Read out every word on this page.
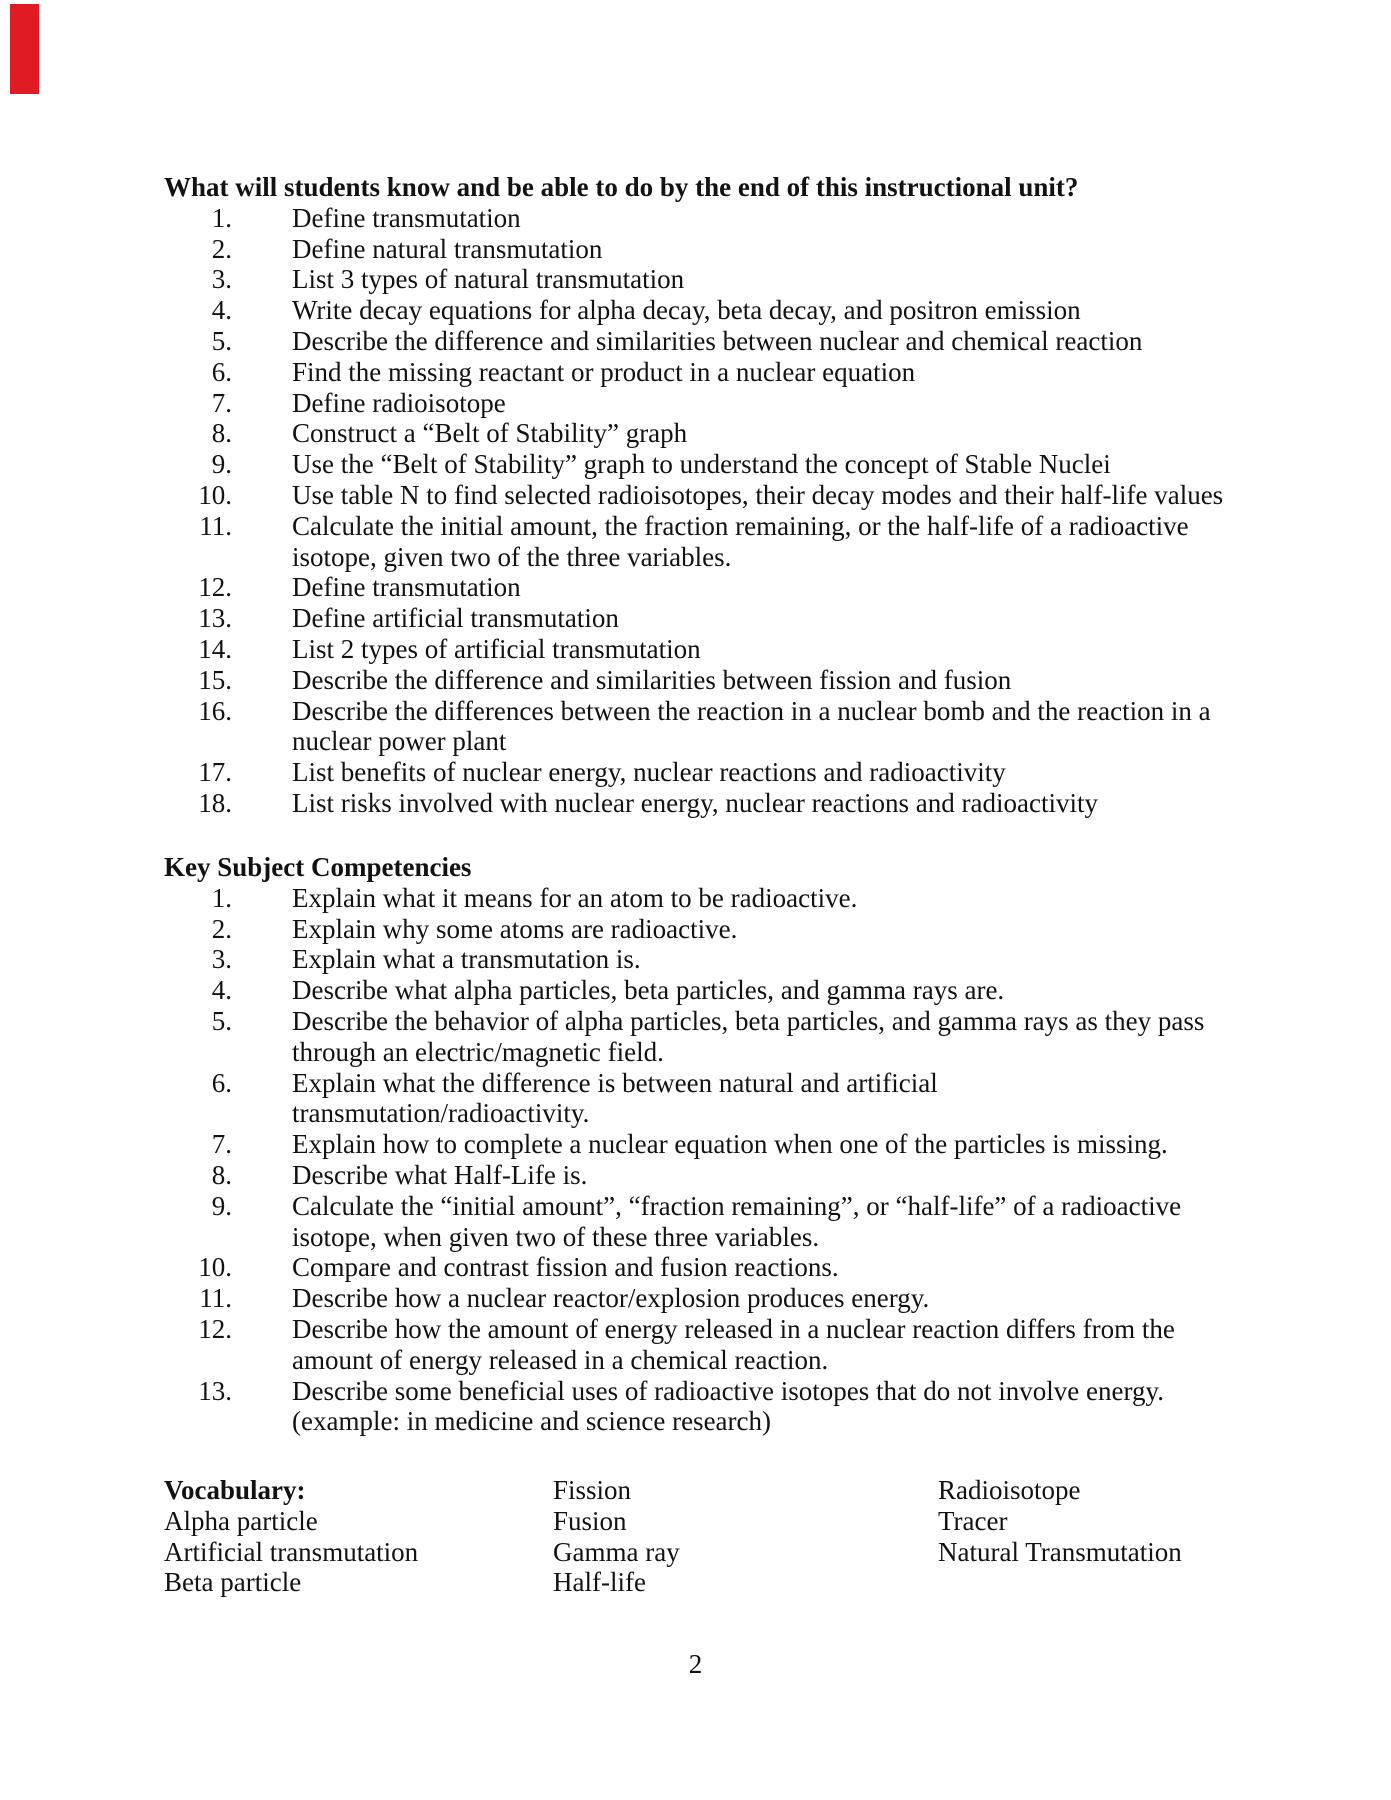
What will students know and be able to do by the end of this instructional unit?
1. Define transmutation
2. Define natural transmutation
3. List 3 types of natural transmutation
4. Write decay equations for alpha decay, beta decay, and positron emission
5. Describe the difference and similarities between nuclear and chemical reaction
6. Find the missing reactant or product in a nuclear equation
7. Define radioisotope
8. Construct a “Belt of Stability” graph
9. Use the “Belt of Stability” graph to understand the concept of Stable Nuclei
10. Use table N to find selected radioisotopes, their decay modes and their half-life values
11. Calculate the initial amount, the fraction remaining, or the half-life of a radioactive
isotope, given two of the three variables.
12. Define transmutation
13. Define artificial transmutation
14. List 2 types of artificial transmutation
15. Describe the difference and similarities between fission and fusion
16. Describe the differences between the reaction in a nuclear bomb and the reaction in a
nuclear power plant
17. List benefits of nuclear energy, nuclear reactions and radioactivity
18. List risks involved with nuclear energy, nuclear reactions and radioactivity
Key Subject Competencies
1. Explain what it means for an atom to be radioactive.
2. Explain why some atoms are radioactive.
3. Explain what a transmutation is.
4. Describe what alpha particles, beta particles, and gamma rays are.
5. Describe the behavior of alpha particles, beta particles, and gamma rays as they pass
through an electric/magnetic field.
6. Explain what the difference is between natural and artificial
transmutation/radioactivity.
7. Explain how to complete a nuclear equation when one of the particles is missing.
8. Describe what Half-Life is.
9. Calculate the “initial amount”, “fraction remaining”, or “half-life” of a radioactive
isotope, when given two of these three variables.
10. Compare and contrast fission and fusion reactions.
11. Describe how a nuclear reactor/explosion produces energy.
12. Describe how the amount of energy released in a nuclear reaction differs from the
amount of energy released in a chemical reaction.
13. Describe some beneficial uses of radioactive isotopes that do not involve energy.
(example: in medicine and science research)
Vocabulary:
Alpha particle
Artificial transmutation
Beta particle
Fission
Fusion
Gamma ray
Half-life
Radioisotope
Tracer
Natural Transmutation
2
